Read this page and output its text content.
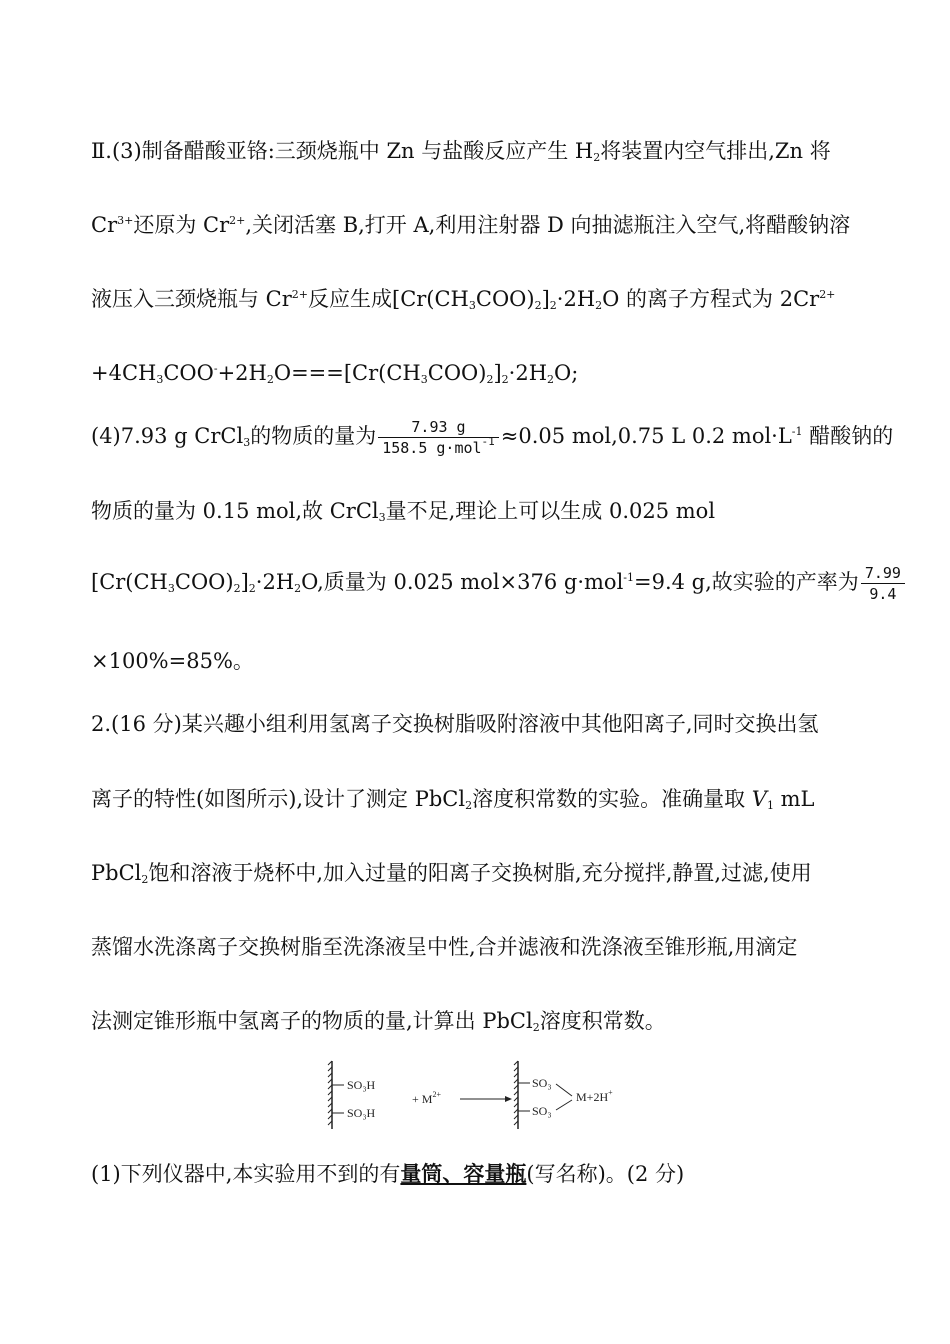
Ⅱ.(3)制备醋酸亚铬:三颈烧瓶中 Zn 与盐酸反应产生 $H_2$将装置内空气排出,Zn 将
$Cr^{3+}$还原为 $Cr^{2+}$,关闭活塞 B,打开 A,利用注射器 D 向抽滤瓶注入空气,将醋酸钠溶
液压入三颈烧瓶与 $Cr^{2+}$反应生成$[Cr(CH_3COO)_2]_2\cdot 2H_2O$ 的离子方程式为 $2Cr^{2+}$
$+4CH_3COO^-+2H_2O===[Cr(CH_3COO)_2]_2\cdot 2H_2O$;
(4)7.93 g CrCl$_3$的物质的量为 $\frac{7.93 g}{158.5 g\cdot mol^{-1}} \approx 0.05$ mol,0.75 L 0.2 $mol\cdot L^{-1}$ 醋酸钠的
物质的量为 0.15 mol,故 CrCl$_3$量不足,理论上可以生成 0.025 mol
$[Cr(CH_3COO)_2]_2\cdot 2H_2O$,质量为 0.025 mol×376 g·mol$^{-1}$=9.4 g,故实验的产率为 $\frac{7.99}{9.4}$
×100%=85%。
2.(16 分)某兴趣小组利用氢离子交换树脂吸附溶液中其他阳离子,同时交换出氢
离子的特性(如图所示),设计了测定 PbCl$_2$溶度积常数的实验。准确量取 $V_1$ mL
PbCl$_2$饱和溶液于烧杯中,加入过量的阳离子交换树脂,充分搅拌,静置,过滤,使用
蒸馏水洗涤离子交换树脂至洗涤液呈中性,合并滤液和洗涤液至锥形瓶,用滴定
法测定锥形瓶中氢离子的物质的量,计算出 PbCl$_2$溶度积常数。
SO₃H
SO₃H
+ $M^{2+}$
SO₃
SO₃
M+2H+
(1)下列仪器中,本实验用不到的有量筒、容量瓶(写名称)。(2 分)
